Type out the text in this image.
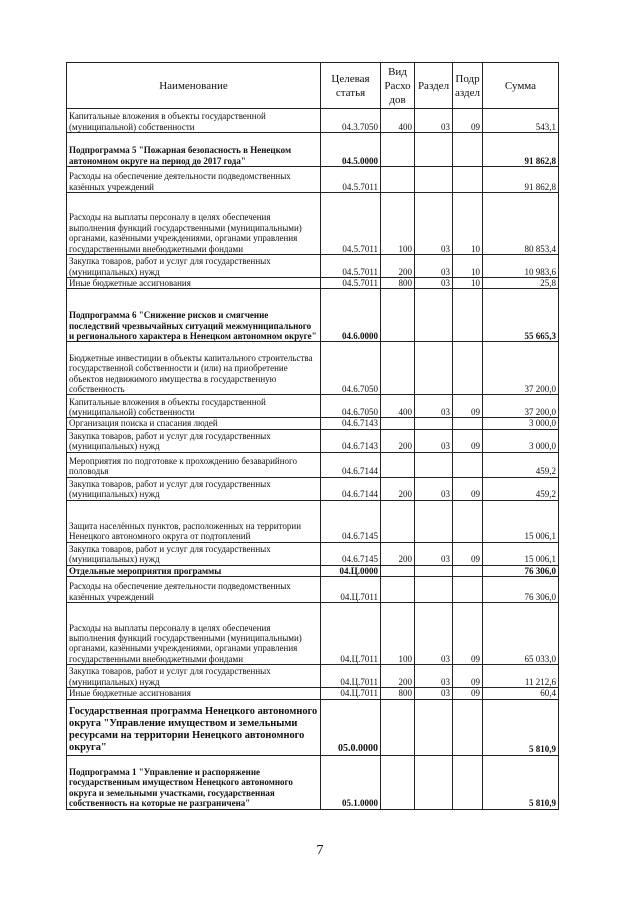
Наименование	Целевая статья	Вид Расхо дов	Раздел	Подр аздел	Сумма
Капитальные вложения в объекты государственной (муниципальной) собственности	04.3.7050	400	03	09	543,1
Подпрограмма 5 "Пожарная безопасность в Ненецком автономном округе на период до 2017 года"	04.5.0000				91 862,8
Расходы на обеспечение деятельности подведомственных казённых учреждений	04.5.7011				91 862,8
Расходы на выплаты персоналу в целях обеспечения выполнения функций государственными (муниципальными) органами, казёнными учреждениями, органами управления государственными внебюджетными фондами	04.5.7011	100	03	10	80 853,4
Закупка товаров, работ и услуг для государственных (муниципальных) нужд	04.5.7011	200	03	10	10 983,6
Иные бюджетные ассигнования	04.5.7011	800	03	10	25,8
Подпрограмма 6 "Снижение рисков и смягчение последствий чрезвычайных ситуаций межмуниципального и регионального характера в Ненецком автономном округе"	04.6.0000				55 665,3
Бюджетные инвестиции в объекты капитального строительства государственной собственности и (или) на приобретение объектов недвижимого имущества в государственную собственность	04.6.7050				37 200,0
Капитальные вложения в объекты государственной (муниципальной) собственности	04.6.7050	400	03	09	37 200,0
Организация поиска и спасания людей	04.6.7143				3 000,0
Закупка товаров, работ и услуг для государственных (муниципальных) нужд	04.6.7143	200	03	09	3 000,0
Мероприятия по подготовке к прохождению безаварийного половодья	04.6.7144				459,2
Закупка товаров, работ и услуг для государственных (муниципальных) нужд	04.6.7144	200	03	09	459,2
Защита населённых пунктов, расположенных на территории Ненецкого автономного округа от подтоплений	04.6.7145				15 006,1
Закупка товаров, работ и услуг для государственных (муниципальных) нужд	04.6.7145	200	03	09	15 006,1
Отдельные мероприятия программы	04.Ц.0000				76 306,0
Расходы на обеспечение деятельности подведомственных казённых учреждений	04.Ц.7011				76 306,0
Расходы на выплаты персоналу в целях обеспечения выполнения функций государственными (муниципальными) органами, казёнными учреждениями, органами управления государственными внебюджетными фондами	04.Ц.7011	100	03	09	65 033,0
Закупка товаров, работ и услуг для государственных (муниципальных) нужд	04.Ц.7011	200	03	09	11 212,6
Иные бюджетные ассигнования	04.Ц.7011	800	03	09	60,4
Государственная программа Ненецкого автономного округа "Управление имуществом и земельными ресурсами на территории Ненецкого автономного округа"	05.0.0000				5 810,9
Подпрограмма 1 "Управление и распоряжение государственным имуществом Ненецкого автономного округа и земельными участками, государственная собственность на которые не разграничена"	05.1.0000				5 810,9
7
